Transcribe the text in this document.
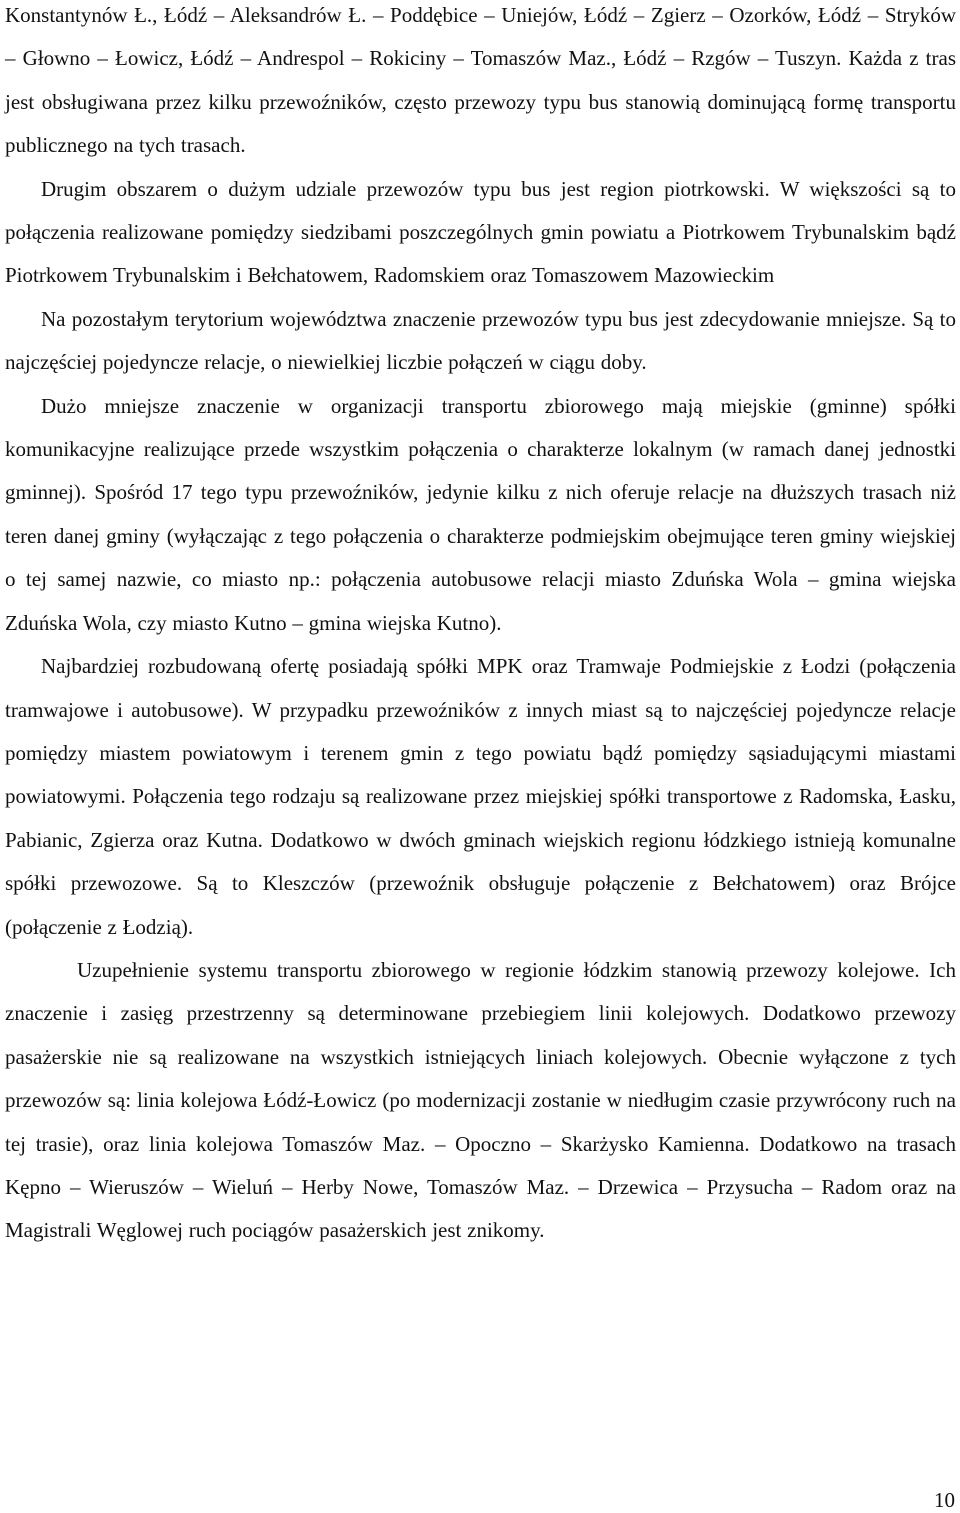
Konstantynów Ł., Łódź – Aleksandrów Ł. – Poddębice – Uniejów, Łódź – Zgierz – Ozorków, Łódź – Stryków – Głowno – Łowicz, Łódź – Andrespol – Rokiciny – Tomaszów Maz., Łódź – Rzgów – Tuszyn. Każda z tras jest obsługiwana przez kilku przewoźników, często przewozy typu bus stanowią dominującą formę transportu publicznego na tych trasach.

Drugim obszarem o dużym udziale przewozów typu bus jest region piotrkowski. W większości są to połączenia realizowane pomiędzy siedzibami poszczególnych gmin powiatu a Piotrkowem Trybunalskim bądź Piotrkowem Trybunalskim i Bełchatowem, Radomskiem oraz Tomaszowem Mazowieckim

Na pozostałym terytorium województwa znaczenie przewozów typu bus jest zdecydowanie mniejsze. Są to najczęściej pojedyncze relacje, o niewielkiej liczbie połączeń w ciągu doby.

Dużo mniejsze znaczenie w organizacji transportu zbiorowego mają miejskie (gminne) spółki komunikacyjne realizujące przede wszystkim połączenia o charakterze lokalnym (w ramach danej jednostki gminnej). Spośród 17 tego typu przewoźników, jedynie kilku z nich oferuje relacje na dłuższych trasach niż teren danej gminy (wyłączając z tego połączenia o charakterze podmiejskim obejmujące teren gminy wiejskiej o tej samej nazwie, co miasto np.: połączenia autobusowe relacji miasto Zduńska Wola – gmina wiejska Zduńska Wola, czy miasto Kutno – gmina wiejska Kutno).

Najbardziej rozbudowaną ofertę posiadają spółki MPK oraz Tramwaje Podmiejskie z Łodzi (połączenia tramwajowe i autobusowe). W przypadku przewoźników z innych miast są to najczęściej pojedyncze relacje pomiędzy miastem powiatowym i terenem gmin z tego powiatu bądź pomiędzy sąsiadującymi miastami powiatowymi. Połączenia tego rodzaju są realizowane przez miejskiej spółki transportowe z Radomska, Łasku, Pabianic, Zgierza oraz Kutna. Dodatkowo w dwóch gminach wiejskich regionu łódzkiego istnieją komunalne spółki przewozowe. Są to Kleszczów (przewoźnik obsługuje połączenie z Bełchatowem) oraz Brójce (połączenie z Łodzią).

Uzupełnienie systemu transportu zbiorowego w regionie łódzkim stanowią przewozy kolejowe. Ich znaczenie i zasięg przestrzenny są determinowane przebiegiem linii kolejowych. Dodatkowo przewozy pasażerskie nie są realizowane na wszystkich istniejących liniach kolejowych. Obecnie wyłączone z tych przewozów są: linia kolejowa Łódź-Łowicz (po modernizacji zostanie w niedługim czasie przywrócony ruch na tej trasie), oraz linia kolejowa Tomaszów Maz. – Opoczno – Skarżysko Kamienna. Dodatkowo na trasach Kępno – Wieruszów – Wieluń – Herby Nowe, Tomaszów Maz. – Drzewica – Przysucha – Radom oraz na Magistrali Węglowej ruch pociągów pasażerskich jest znikomy.

10
